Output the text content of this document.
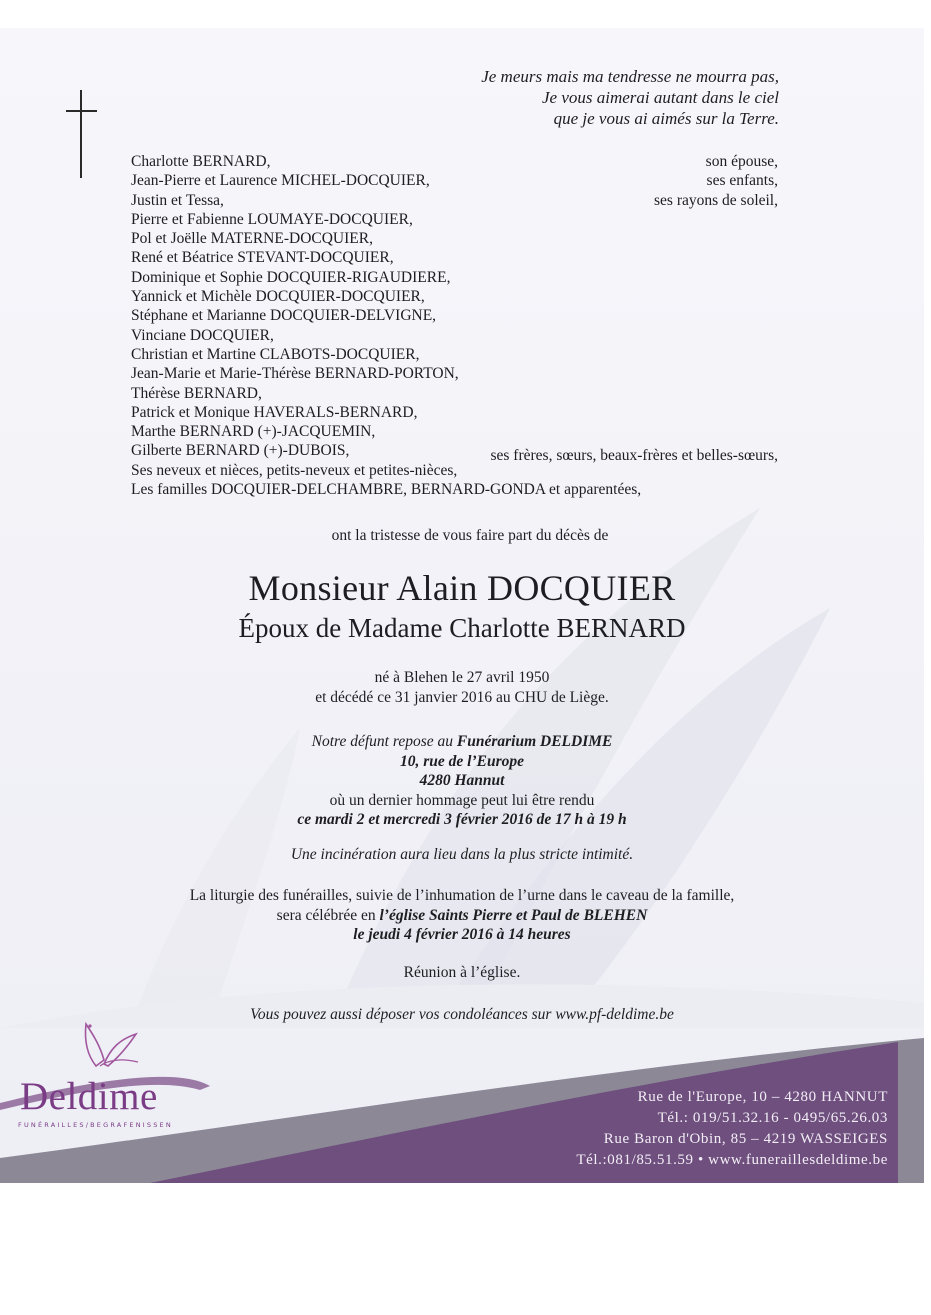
Je meurs mais ma tendresse ne mourra pas,
Je vous aimerai autant dans le ciel
que je vous ai aimés sur la Terre.
Charlotte BERNARD,
Jean-Pierre et Laurence MICHEL-DOCQUIER,
Justin et Tessa,
Pierre et Fabienne LOUMAYE-DOCQUIER,
Pol et Joëlle MATERNE-DOCQUIER,
René et Béatrice STEVANT-DOCQUIER,
Dominique et Sophie DOCQUIER-RIGAUDIERE,
Yannick et Michèle DOCQUIER-DOCQUIER,
Stéphane et Marianne DOCQUIER-DELVIGNE,
Vinciane DOCQUIER,
Christian et Martine CLABOTS-DOCQUIER,
Jean-Marie et Marie-Thérèse BERNARD-PORTON,
Thérèse BERNARD,
Patrick et Monique HAVERALS-BERNARD,
Marthe BERNARD (+)-JACQUEMIN,
Gilberte BERNARD (+)-DUBOIS,
Ses neveux et nièces, petits-neveux et petites-nièces,
Les familles DOCQUIER-DELCHAMBRE, BERNARD-GONDA et apparentées,
son épouse,
ses enfants,
ses rayons de soleil,
ses frères, sœurs, beaux-frères et belles-sœurs,
ont la tristesse de vous faire part du décès de
Monsieur Alain DOCQUIER
Époux de Madame Charlotte BERNARD
né à Blehen le 27 avril 1950
et décédé ce 31 janvier 2016 au CHU de Liège.
Notre défunt repose au Funérarium DELDIME
10, rue de l’Europe
4280 Hannut
où un dernier hommage peut lui être rendu
ce mardi 2 et mercredi 3 février 2016 de 17 h à 19 h
Une incinération aura lieu dans la plus stricte intimité.
La liturgie des funérailles, suivie de l’inhumation de l’urne dans le caveau de la famille,
sera célébrée en l’église Saints Pierre et Paul de BLEHEN
le jeudi 4 février 2016 à 14 heures
Réunion à l’église.
Vous pouvez aussi déposer vos condoléances sur www.pf-deldime.be
Deldime
FUNÉRAILLES/BEGRAFENISSEN
Rue de l'Europe, 10 – 4280 HANNUT
Tél.: 019/51.32.16 - 0495/65.26.03
Rue Baron d'Obin, 85 – 4219 WASSEIGES
Tél.:081/85.51.59 • www.funeraillesdeldime.be
